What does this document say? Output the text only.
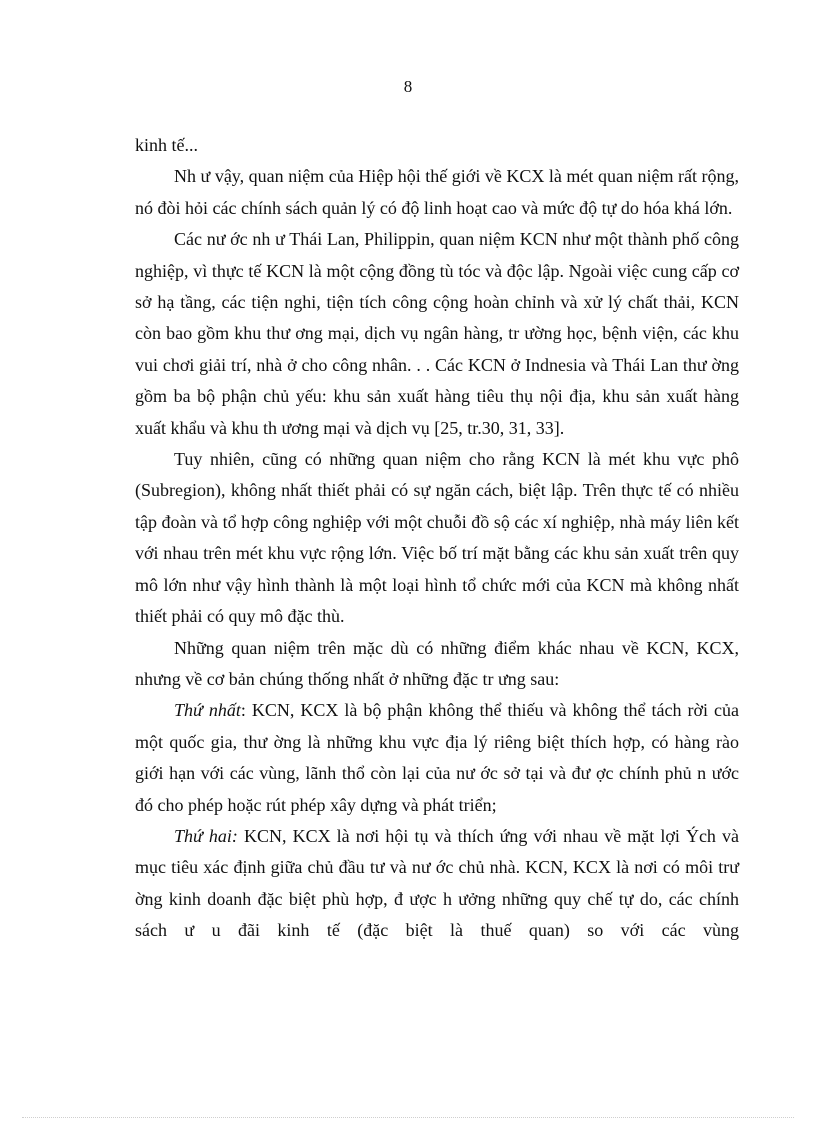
8

kinh tế...

Nh ư vậy, quan niệm của Hiệp hội thế giới về KCX là mét quan niệm rất rộng, nó đòi hỏi các chính sách quản lý có độ linh hoạt cao và mức độ tự do hóa khá lớn.

Các nư ớc nh ư Thái Lan, Philippin, quan niệm KCN như một thành phố công nghiệp, vì thực tế KCN là một cộng đồng tù tóc và độc lập. Ngoài việc cung cấp cơ sở hạ tầng, các tiện nghi, tiện tích công cộng hoàn chỉnh và xử lý chất thải, KCN còn bao gồm khu thư ơng mại, dịch vụ ngân hàng, tr ường học, bệnh viện, các khu vui chơi giải trí, nhà ở cho công nhân. . . Các KCN ở Indnesia và Thái Lan thư ờng gồm ba bộ phận chủ yếu: khu sản xuất hàng tiêu thụ nội địa, khu sản xuất hàng xuất khẩu và khu th ương mại và dịch vụ [25, tr.30, 31, 33].

Tuy nhiên, cũng có những quan niệm cho rằng KCN là mét khu vực phô (Subregion), không nhất thiết phải có sự ngăn cách, biệt lập. Trên thực tế có nhiều tập đoàn và tổ hợp công nghiệp với một chuỗi đồ sộ các xí nghiệp, nhà máy liên kết với nhau trên mét khu vực rộng lớn. Việc bố trí mặt bằng các khu sản xuất trên quy mô lớn như vậy hình thành là một loại hình tổ chức mới của KCN mà không nhất thiết phải có quy mô đặc thù.

Những quan niệm trên mặc dù có những điểm khác nhau về KCN, KCX, nhưng về cơ bản chúng thống nhất ở những đặc tr ưng sau:

Thứ nhất: KCN, KCX là bộ phận không thể thiếu và không thể tách rời của một quốc gia, thư ờng là những khu vực địa lý riêng biệt thích hợp, có hàng rào giới hạn với các vùng, lãnh thổ còn lại của nư ớc sở tại và đư ợc chính phủ n ước đó cho phép hoặc rút phép xây dựng và phát triển;

Thứ hai: KCN, KCX là nơi hội tụ và thích ứng với nhau về mặt lợi Ých và mục tiêu xác định giữa chủ đầu tư và nư ớc chủ nhà. KCN, KCX là nơi có môi trư ờng kinh doanh đặc biệt phù hợp, đ ược h ưởng những quy chế tự do, các chính sách ư u đãi kinh tế (đặc biệt là thuế quan) so với các vùng
